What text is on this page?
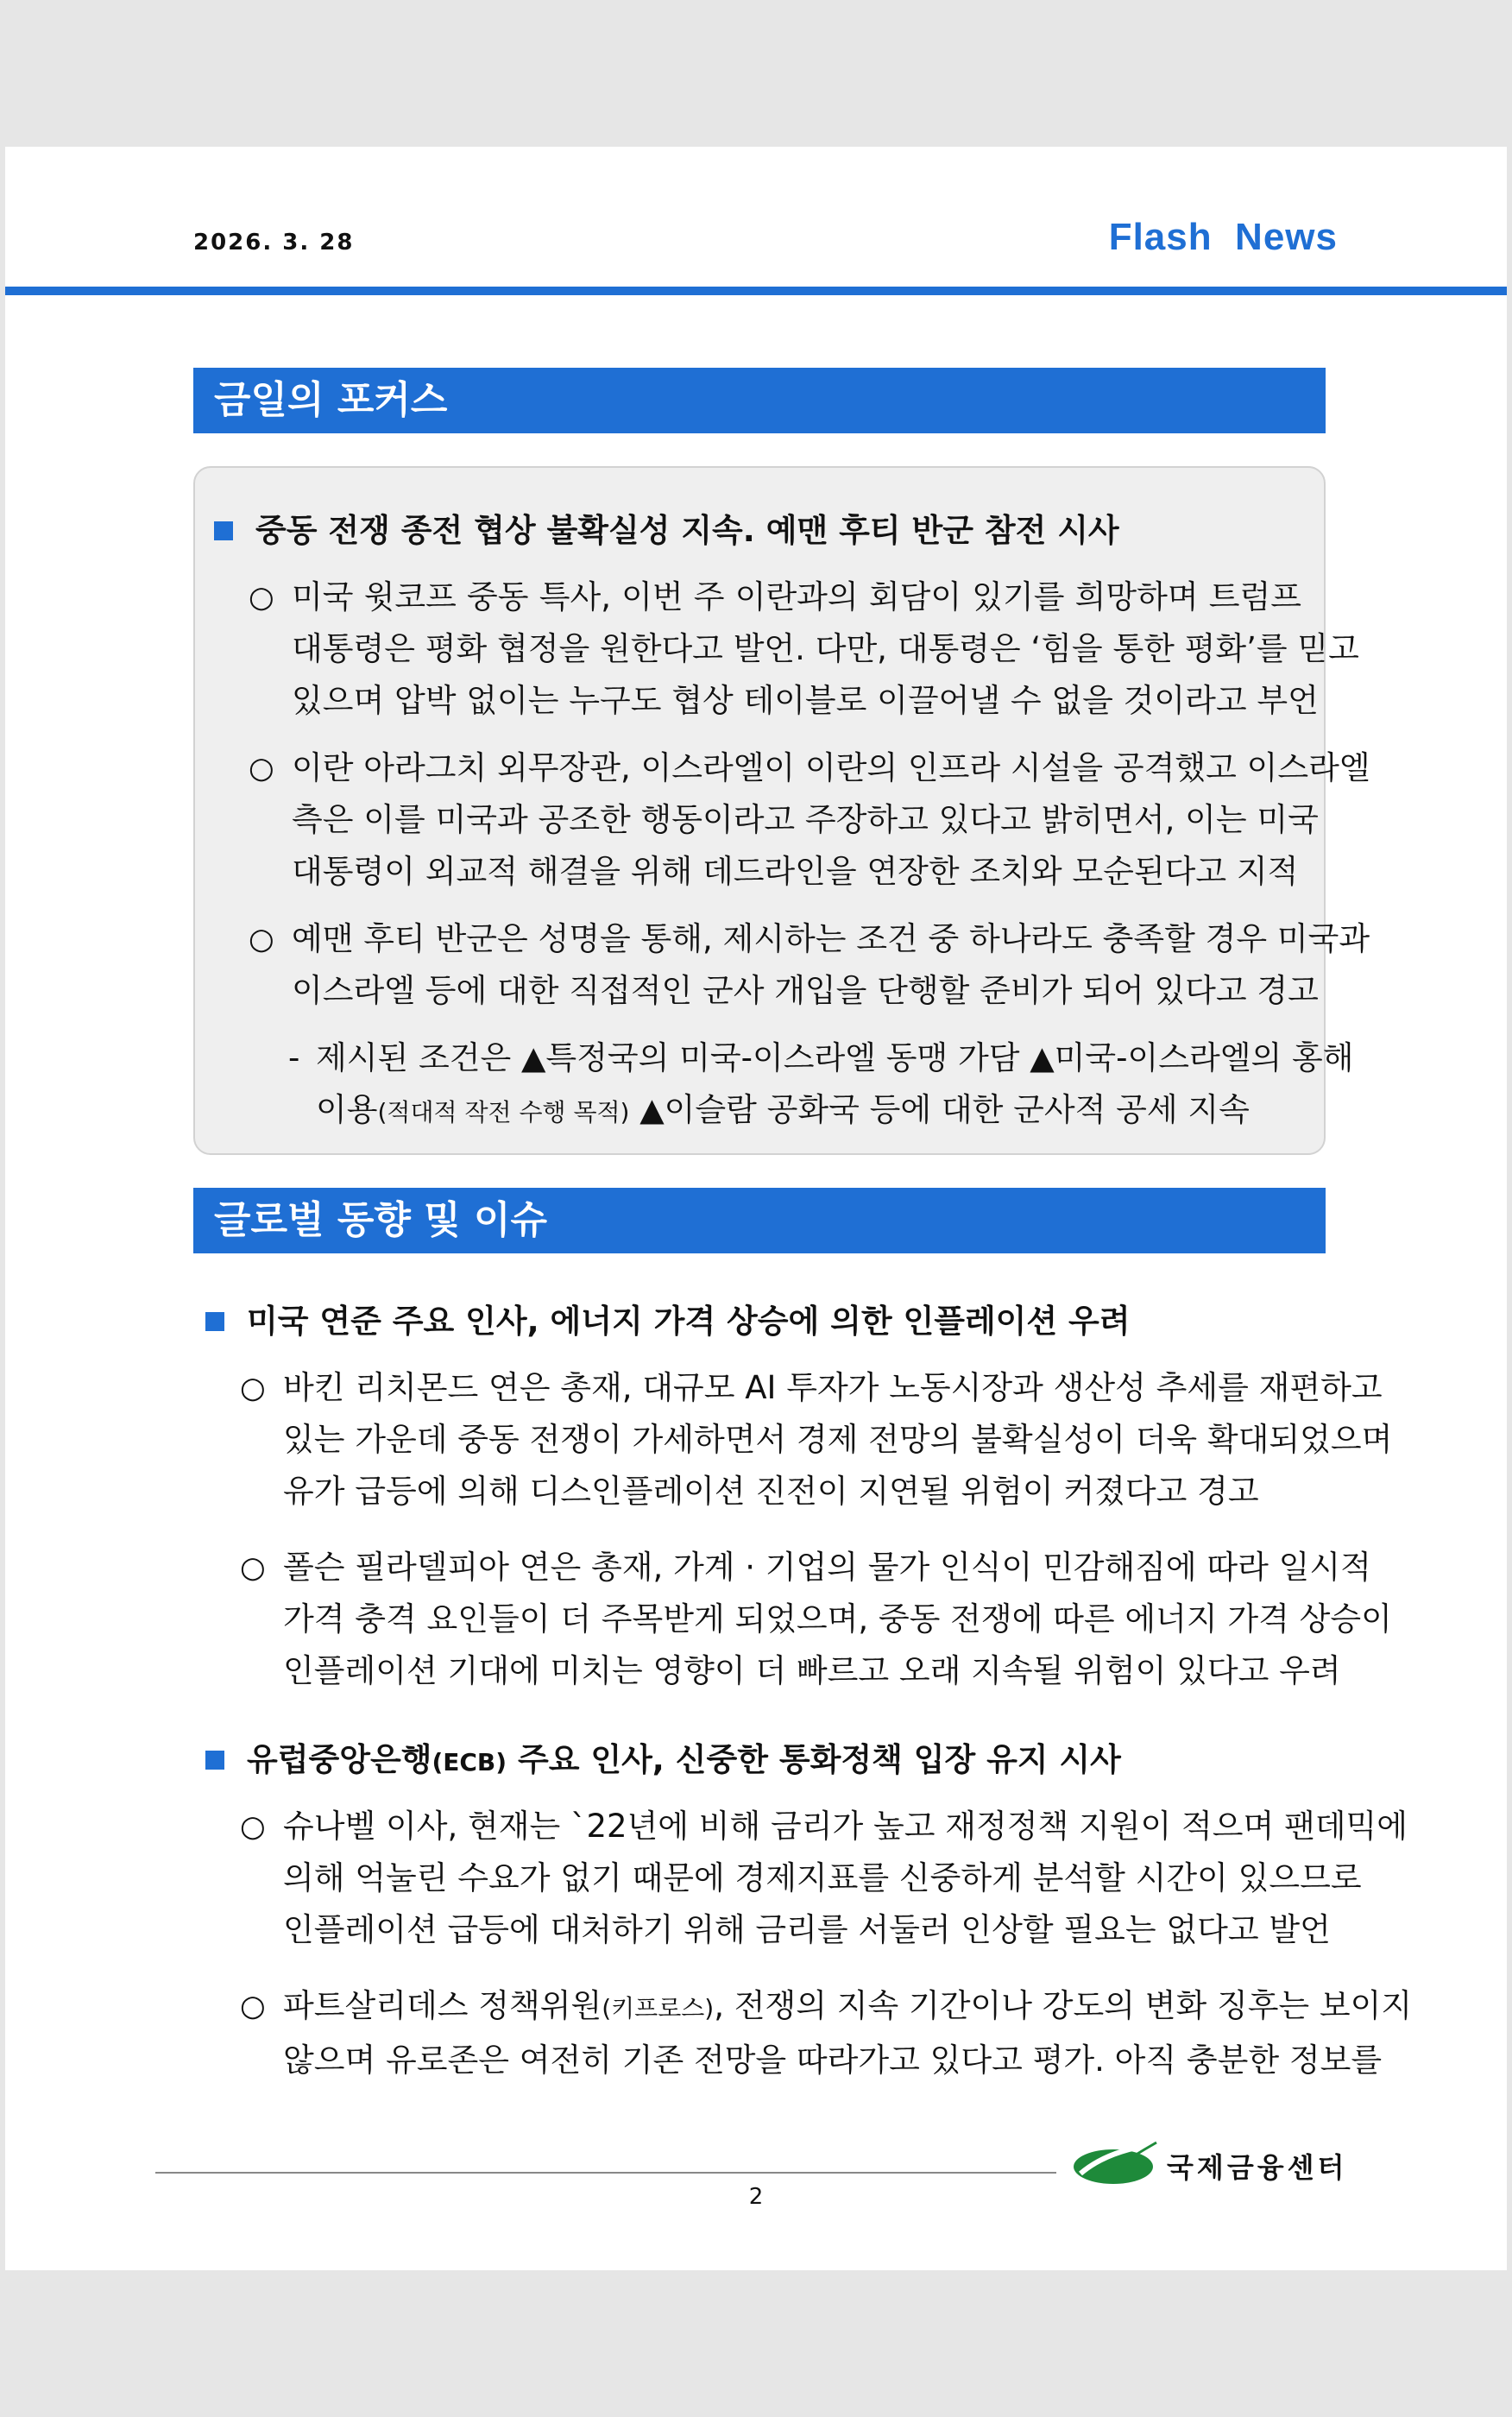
2026. 3. 28	Flash  News
금일의 포커스
중동 전쟁 종전 협상 불확실성 지속. 예맨 후티 반군 참전 시사
○ 미국 윗코프 중동 특사, 이번 주 이란과의 회담이 있기를 희망하며 트럼프
대통령은 평화 협정을 원한다고 발언. 다만, 대통령은 ‘힘을 통한 평화’를 믿고
있으며 압박 없이는 누구도 협상 테이블로 이끌어낼 수 없을 것이라고 부언
○ 이란 아라그치 외무장관, 이스라엘이 이란의 인프라 시설을 공격했고 이스라엘
측은 이를 미국과 공조한 행동이라고 주장하고 있다고 밝히면서, 이는 미국
대통령이 외교적 해결을 위해 데드라인을 연장한 조치와 모순된다고 지적
○ 예맨 후티 반군은 성명을 통해, 제시하는 조건 중 하나라도 충족할 경우 미국과
이스라엘 등에 대한 직접적인 군사 개입을 단행할 준비가 되어 있다고 경고
- 제시된 조건은 ▲특정국의 미국-이스라엘 동맹 가담 ▲미국-이스라엘의 홍해
이용(적대적 작전 수행 목적) ▲이슬람 공화국 등에 대한 군사적 공세 지속
글로벌 동향 및 이슈
미국 연준 주요 인사, 에너지 가격 상승에 의한 인플레이션 우려
○ 바킨 리치몬드 연은 총재, 대규모 AI 투자가 노동시장과 생산성 추세를 재편하고
있는 가운데 중동 전쟁이 가세하면서 경제 전망의 불확실성이 더욱 확대되었으며
유가 급등에 의해 디스인플레이션 진전이 지연될 위험이 커졌다고 경고
○ 폴슨 필라델피아 연은 총재, 가계 · 기업의 물가 인식이 민감해짐에 따라 일시적
가격 충격 요인들이 더 주목받게 되었으며, 중동 전쟁에 따른 에너지 가격 상승이
인플레이션 기대에 미치는 영향이 더 빠르고 오래 지속될 위험이 있다고 우려
유럽중앙은행(ECB) 주요 인사, 신중한 통화정책 입장 유지 시사
○ 슈나벨 이사, 현재는 `22년에 비해 금리가 높고 재정정책 지원이 적으며 팬데믹에
의해 억눌린 수요가 없기 때문에 경제지표를 신중하게 분석할 시간이 있으므로
인플레이션 급등에 대처하기 위해 금리를 서둘러 인상할 필요는 없다고 발언
○ 파트살리데스 정책위원(키프로스), 전쟁의 지속 기간이나 강도의 변화 징후는 보이지
않으며 유로존은 여전히 기존 전망을 따라가고 있다고 평가. 아직 충분한 정보를
국제금융센터
2
